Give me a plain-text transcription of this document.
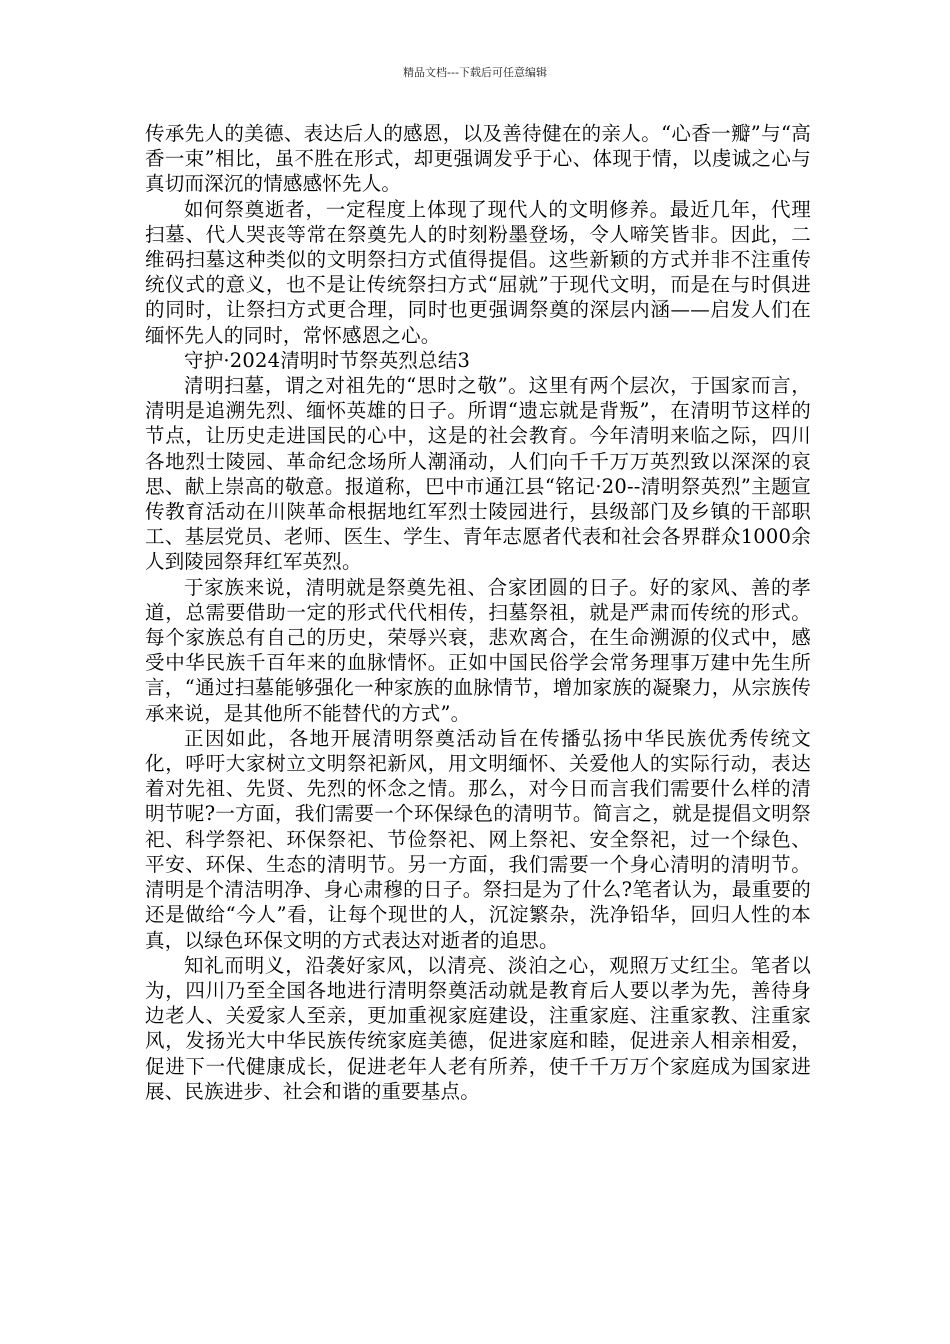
精品文档---下载后可任意编辑

传承先人的美德、表达后人的感恩，以及善待健在的亲人。“心香一瓣”与“高香一束”相比，虽不胜在形式，却更强调发乎于心、体现于情，以虔诚之心与真切而深沉的情感感怀先人。

如何祭奠逝者，一定程度上体现了现代人的文明修养。最近几年，代理扫墓、代人哭丧等常在祭奠先人的时刻粉墨登场，令人啼笑皆非。因此，二维码扫墓这种类似的文明祭扫方式值得提倡。这些新颖的方式并非不注重传统仪式的意义，也不是让传统祭扫方式“屈就”于现代文明，而是在与时俱进的同时，让祭扫方式更合理，同时也更强调祭奠的深层内涵——启发人们在缅怀先人的同时，常怀感恩之心。

守护·2024清明时节祭英烈总结3

清明扫墓，谓之对祖先的“思时之敬”。这里有两个层次，于国家而言，清明是追溯先烈、缅怀英雄的日子。所谓“遗忘就是背叛”，在清明节这样的节点，让历史走进国民的心中，这是的社会教育。今年清明来临之际，四川各地烈士陵园、革命纪念场所人潮涌动，人们向千千万万英烈致以深深的哀思、献上崇高的敬意。报道称，巴中市通江县“铭记·20--清明祭英烈”主题宣传教育活动在川陕革命根据地红军烈士陵园进行，县级部门及乡镇的干部职工、基层党员、老师、医生、学生、青年志愿者代表和社会各界群众1000余人到陵园祭拜红军英烈。

于家族来说，清明就是祭奠先祖、合家团圆的日子。好的家风、善的孝道，总需要借助一定的形式代代相传，扫墓祭祖，就是严肃而传统的形式。每个家族总有自己的历史，荣辱兴衰，悲欢离合，在生命溯源的仪式中，感受中华民族千百年来的血脉情怀。正如中国民俗学会常务理事万建中先生所言，“通过扫墓能够强化一种家族的血脉情节，增加家族的凝聚力，从宗族传承来说，是其他所不能替代的方式”。

正因如此，各地开展清明祭奠活动旨在传播弘扬中华民族优秀传统文化，呼吁大家树立文明祭祀新风，用文明缅怀、关爱他人的实际行动，表达着对先祖、先贤、先烈的怀念之情。那么，对今日而言我们需要什么样的清明节呢?一方面，我们需要一个环保绿色的清明节。简言之，就是提倡文明祭祀、科学祭祀、环保祭祀、节俭祭祀、网上祭祀、安全祭祀，过一个绿色、平安、环保、生态的清明节。另一方面，我们需要一个身心清明的清明节。清明是个清洁明净、身心肃穆的日子。祭扫是为了什么?笔者认为，最重要的还是做给“今人”看，让每个现世的人，沉淀繁杂，洗净铅华，回归人性的本真，以绿色环保文明的方式表达对逝者的追思。

知礼而明义，沿袭好家风，以清亮、淡泊之心，观照万丈红尘。笔者以为，四川乃至全国各地进行清明祭奠活动就是教育后人要以孝为先，善待身边老人、关爱家人至亲，更加重视家庭建设，注重家庭、注重家教、注重家风，发扬光大中华民族传统家庭美德，促进家庭和睦，促进亲人相亲相爱，促进下一代健康成长，促进老年人老有所养，使千千万万个家庭成为国家进展、民族进步、社会和谐的重要基点。
